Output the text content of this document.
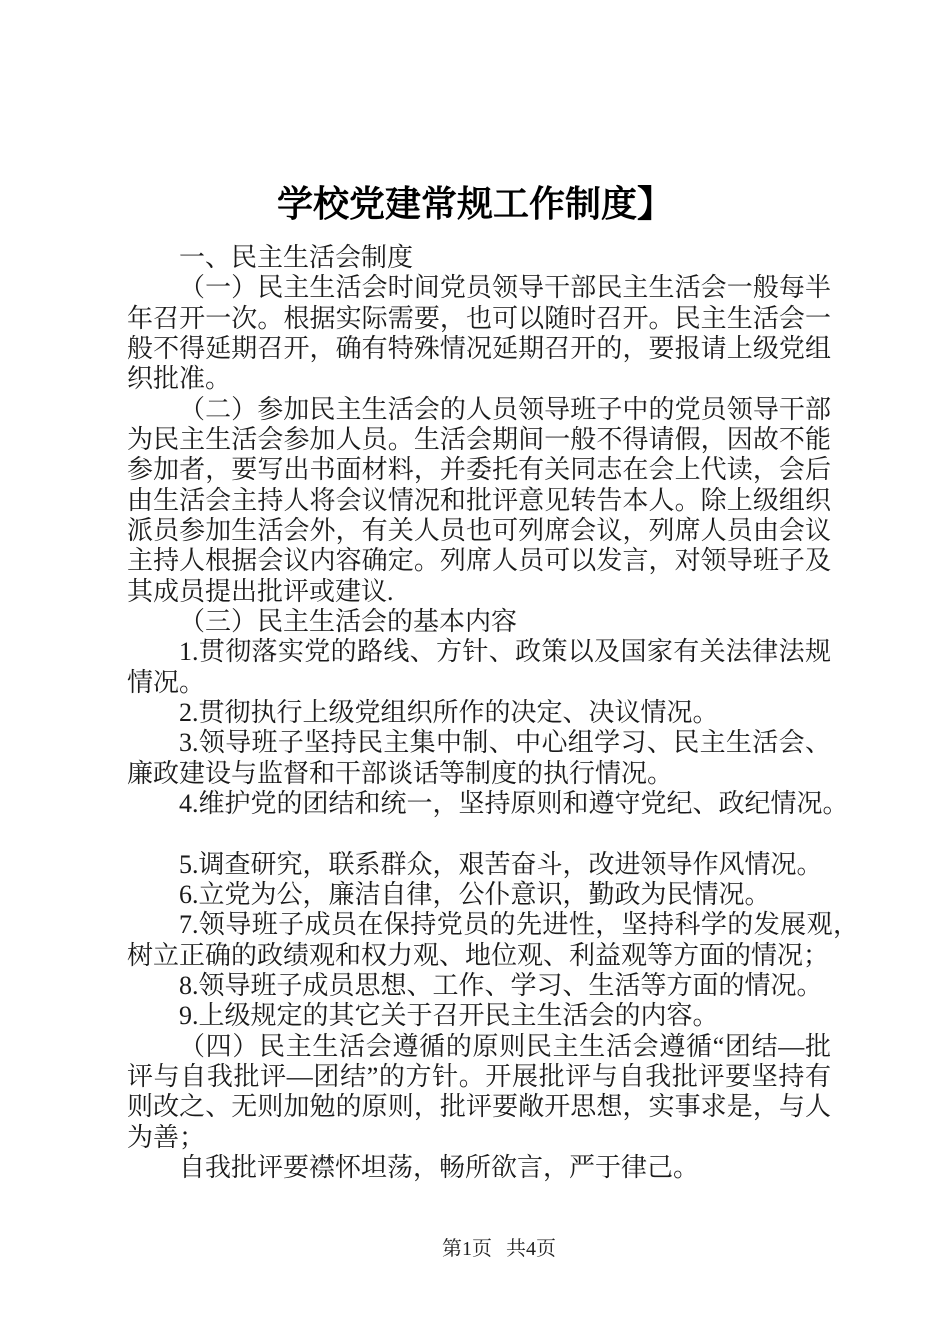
学校党建常规工作制度】

一、民主生活会制度

（一）民主生活会时间党员领导干部民主生活会一般每半年召开一次。根据实际需要，也可以随时召开。民主生活会一般不得延期召开，确有特殊情况延期召开的，要报请上级党组织批准。

（二）参加民主生活会的人员领导班子中的党员领导干部为民主生活会参加人员。生活会期间一般不得请假，因故不能参加者，要写出书面材料，并委托有关同志在会上代读，会后由生活会主持人将会议情况和批评意见转告本人。除上级组织派员参加生活会外，有关人员也可列席会议，列席人员由会议主持人根据会议内容确定。列席人员可以发言，对领导班子及其成员提出批评或建议.

（三）民主生活会的基本内容

1.贯彻落实党的路线、方针、政策以及国家有关法律法规情况。

2.贯彻执行上级党组织所作的决定、决议情况。

3.领导班子坚持民主集中制、中心组学习、民主生活会、廉政建设与监督和干部谈话等制度的执行情况。

4.维护党的团结和统一，坚持原则和遵守党纪、政纪情况。

5.调查研究，联系群众，艰苦奋斗，改进领导作风情况。

6.立党为公，廉洁自律，公仆意识，勤政为民情况。

7.领导班子成员在保持党员的先进性，坚持科学的发展观，树立正确的政绩观和权力观、地位观、利益观等方面的情况；

8.领导班子成员思想、工作、学习、生活等方面的情况。

9.上级规定的其它关于召开民主生活会的内容。

（四）民主生活会遵循的原则民主生活会遵循“团结—批评与自我批评—团结”的方针。开展批评与自我批评要坚持有则改之、无则加勉的原则，批评要敞开思想，实事求是，与人为善；

自我批评要襟怀坦荡，畅所欲言，严于律己。

第1页 共4页
